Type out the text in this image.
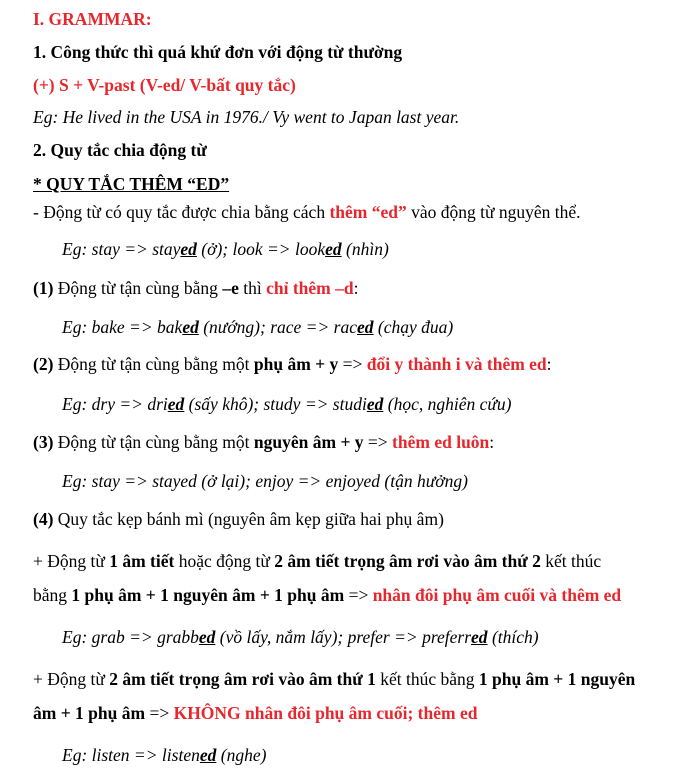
I. GRAMMAR:
1. Công thức thì quá khứ đơn với động từ thường
(+) S + V-past (V-ed/ V-bất quy tắc)
Eg: He lived in the USA in 1976./ Vy went to Japan last year.
2. Quy tắc chia động từ
* QUY TẮC THÊM “ED”
- Động từ có quy tắc được chia bằng cách thêm “ed” vào động từ nguyên thể.
Eg: stay => stayed (ở); look => looked (nhìn)
(1) Động từ tận cùng bằng –e thì chỉ thêm –d:
Eg: bake => baked (nướng); race => raced (chạy đua)
(2) Động từ tận cùng bằng một phụ âm + y => đổi y thành i và thêm ed:
Eg: dry => dried (sấy khô); study => studied (học, nghiên cứu)
(3) Động từ tận cùng bằng một nguyên âm + y => thêm ed luôn:
Eg: stay => stayed (ở lại); enjoy => enjoyed (tận hưởng)
(4) Quy tắc kẹp bánh mì (nguyên âm kẹp giữa hai phụ âm)
+ Động từ 1 âm tiết hoặc động từ 2 âm tiết trọng âm rơi vào âm thứ 2 kết thúc
bằng 1 phụ âm + 1 nguyên âm + 1 phụ âm => nhân đôi phụ âm cuối và thêm ed
Eg: grab => grabbed (vồ lấy, nắm lấy); prefer => preferred (thích)
+ Động từ 2 âm tiết trọng âm rơi vào âm thứ 1 kết thúc bằng 1 phụ âm + 1 nguyên
âm + 1 phụ âm => KHÔNG nhân đôi phụ âm cuối; thêm ed
Eg: listen => listened (nghe)
